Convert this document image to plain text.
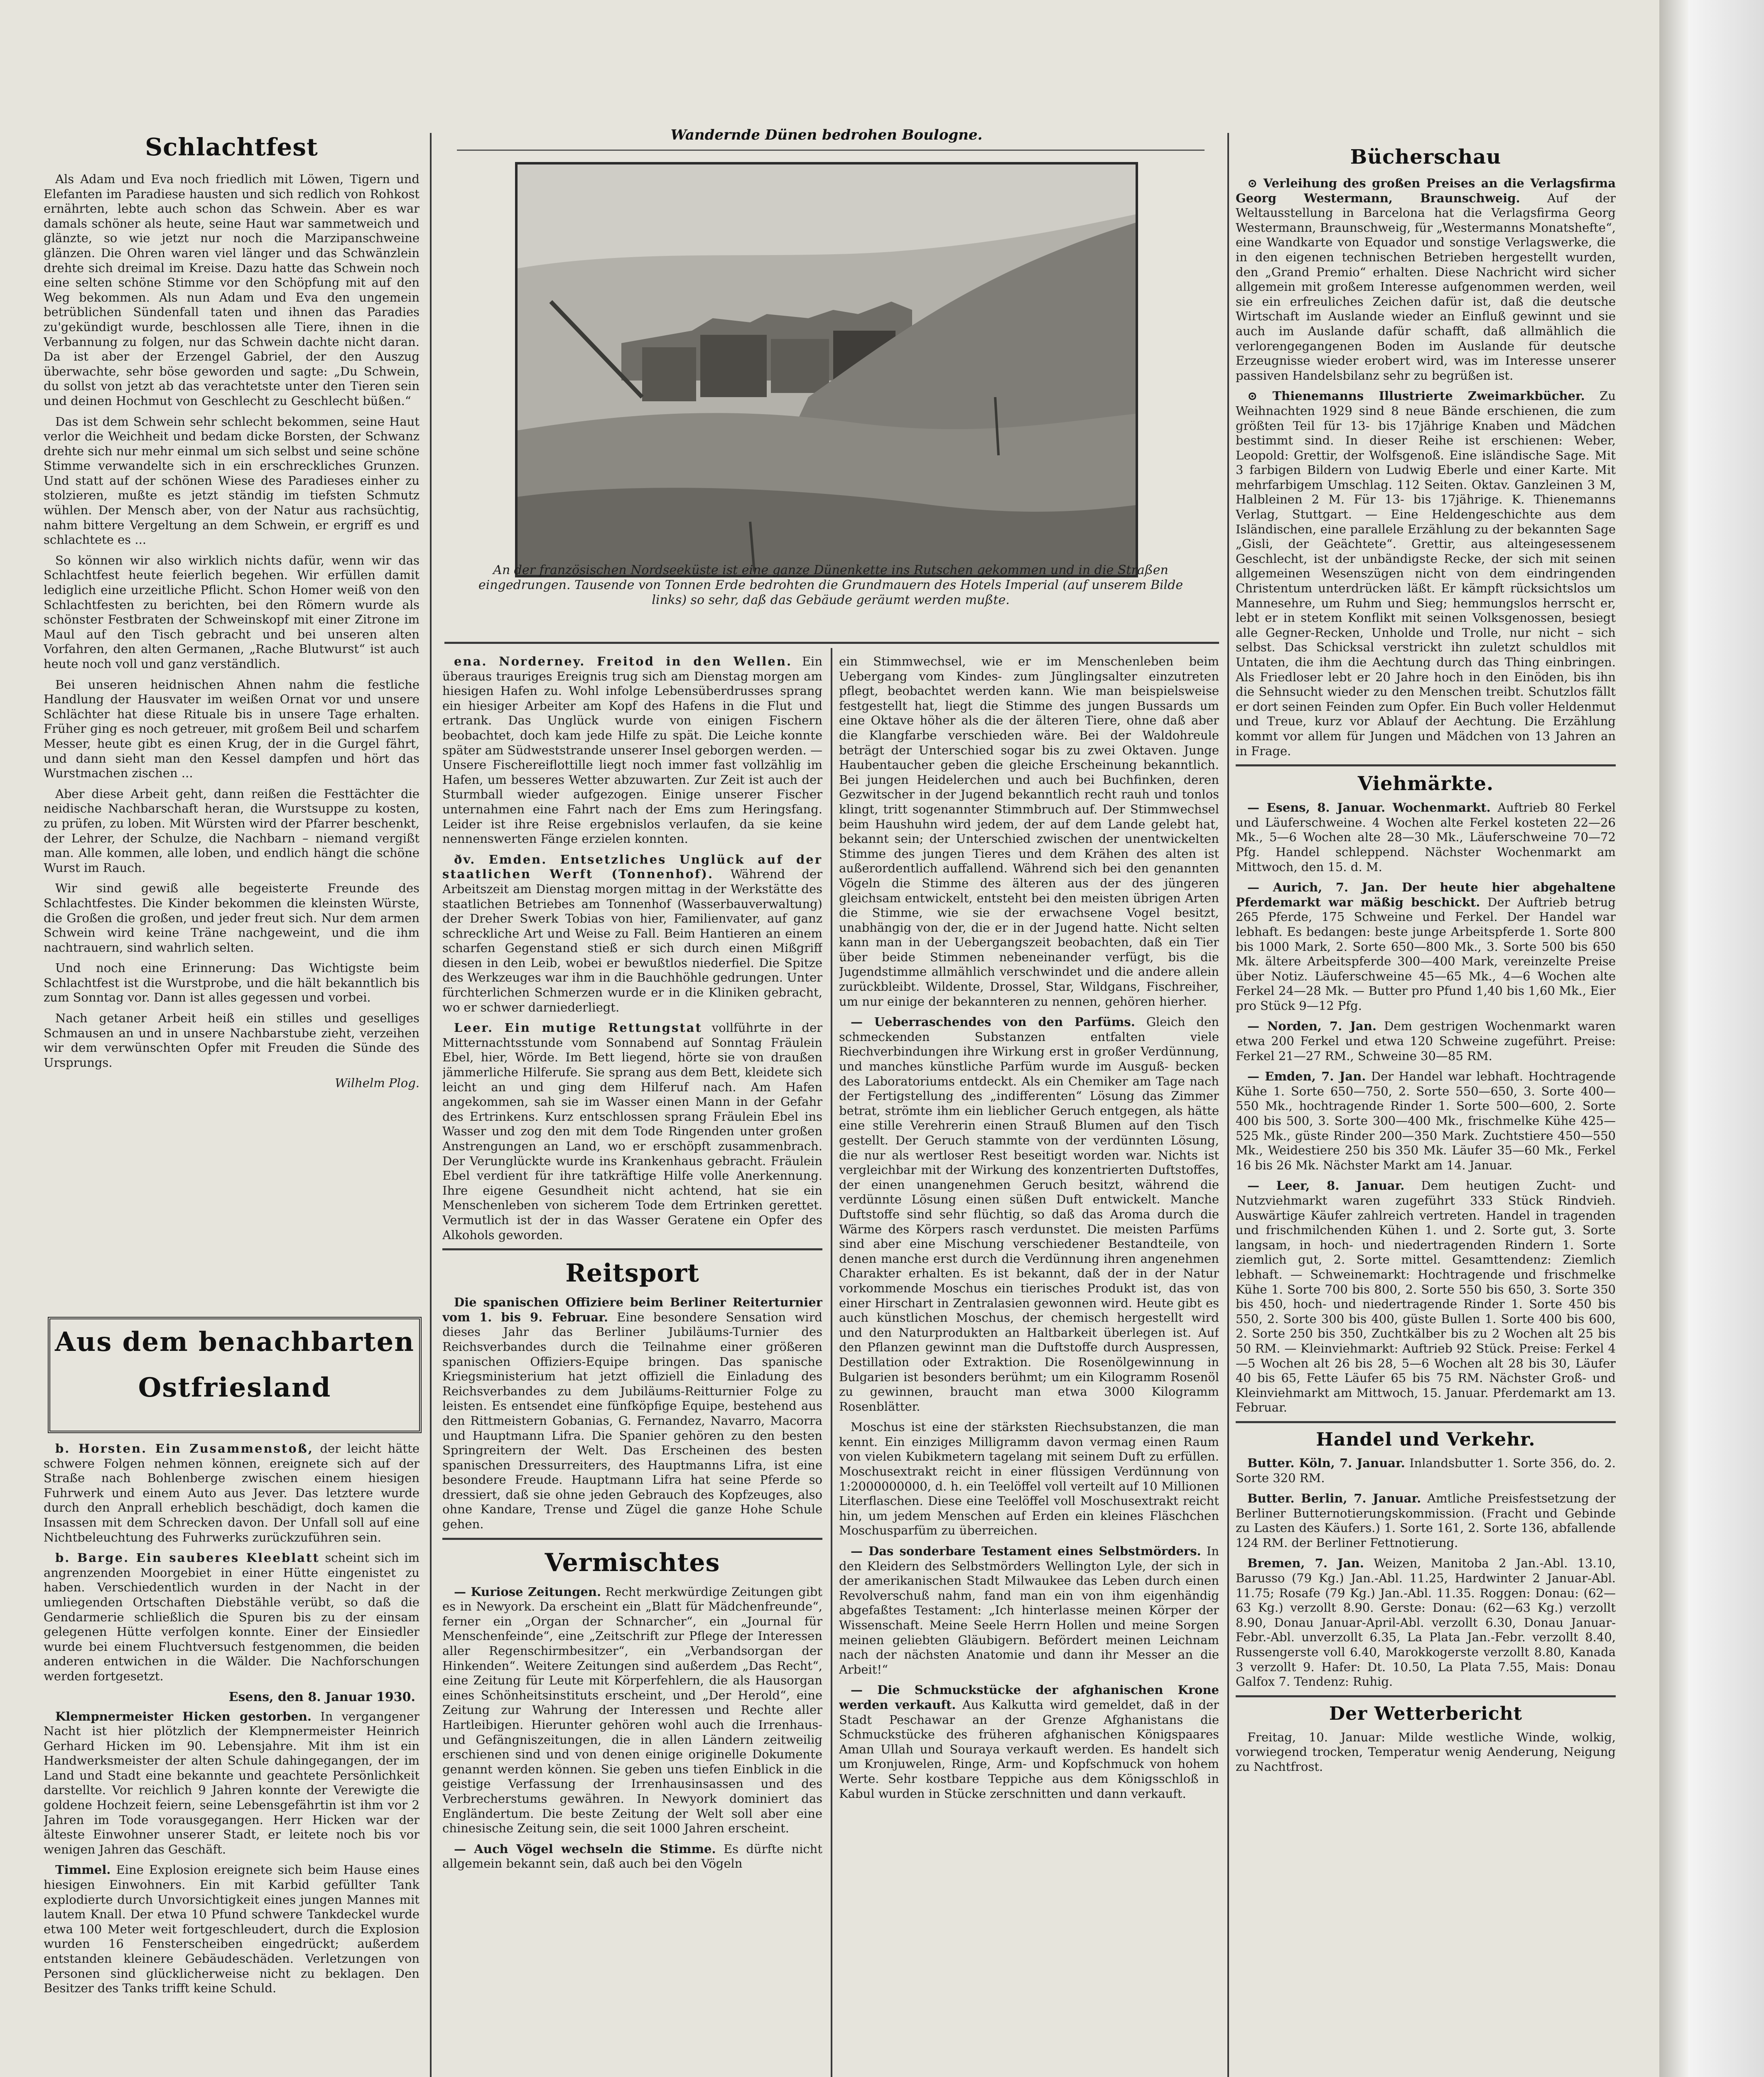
Wandernde Dünen bedrohen Boulogne.
An der französischen Nordseeküste ist eine ganze Dünenkette ins Rutschen gekommen und in die Straßen eingedrungen. Tausende von Tonnen Erde bedrohten die Grundmauern des Hotels Imperial (auf unserem Bilde links) so sehr, daß das Gebäude geräumt werden mußte.
Schlachtfest

Als Adam und Eva noch friedlich mit Löwen, Tigern und Elefanten im Paradiese hausten und sich redlich von Rohkost ernährten, lebte auch schon das Schwein. Aber es war damals schöner als heute, seine Haut war sammetweich und glänzte, so wie jetzt nur noch die Marzipanschweine glänzen. Die Ohren waren viel länger und das Schwänzlein drehte sich dreimal im Kreise. Dazu hatte das Schwein noch eine selten schöne Stimme vor den Schöpfung mit auf den Weg bekommen. Als nun Adam und Eva den ungemein betrüblichen Sündenfall taten und ihnen das Paradies zu'gekündigt wurde, beschlossen alle Tiere, ihnen in die Verbannung zu folgen, nur das Schwein dachte nicht daran. Da ist aber der Erzengel Gabriel, der den Auszug überwachte, sehr böse geworden und sagte: „Du Schwein, du sollst von jetzt ab das verachtetste unter den Tieren sein und deinen Hochmut von Geschlecht zu Geschlecht büßen.“

Das ist dem Schwein sehr schlecht bekommen, seine Haut verlor die Weichheit und bedam dicke Borsten, der Schwanz drehte sich nur mehr einmal um sich selbst und seine schöne Stimme verwandelte sich in ein erschreckliches Grunzen. Und statt auf der schönen Wiese des Paradieses einher zu stolzieren, mußte es jetzt ständig im tiefsten Schmutz wühlen. Der Mensch aber, von der Natur aus rachsüchtig, nahm bittere Vergeltung an dem Schwein, er ergriff es und schlachtete es ...

So können wir also wirklich nichts dafür, wenn wir das Schlachtfest heute feierlich begehen. Wir erfüllen damit lediglich eine urzeitliche Pflicht. Schon Homer weiß von den Schlachtfesten zu berichten, bei den Römern wurde als schönster Festbraten der Schweinskopf mit einer Zitrone im Maul auf den Tisch gebracht und bei unseren alten Vorfahren, den alten Germanen, „Rache Blutwurst“ ist auch heute noch voll und ganz verständlich.

Bei unseren heidnischen Ahnen nahm die festliche Handlung der Hausvater im weißen Ornat vor und unsere Schlächter hat diese Rituale bis in unsere Tage erhalten. Früher ging es noch getreuer, mit großem Beil und scharfem Messer, heute gibt es einen Krug, der in die Gurgel fährt, und dann sieht man den Kessel dampfen und hört das Wurstmachen zischen ...

Aber diese Arbeit geht, dann reißen die Festtächter die neidische Nachbarschaft heran, die Wurstsuppe zu kosten, zu prüfen, zu loben. Mit Würsten wird der Pfarrer beschenkt, der Lehrer, der Schulze, die Nachbarn – niemand vergißt man. Alle kommen, alle loben, und endlich hängt die schöne Wurst im Rauch.

Wir sind gewiß alle begeisterte Freunde des Schlachtfestes. Die Kinder bekommen die kleinsten Würste, die Großen die großen, und jeder freut sich. Nur dem armen Schwein wird keine Träne nachgeweint, und die ihm nachtrauern, sind wahrlich selten.

Und noch eine Erinnerung: Das Wichtigste beim Schlachtfest ist die Wurstprobe, und die hält bekanntlich bis zum Sonntag vor. Dann ist alles gegessen und vorbei.

Nach getaner Arbeit heiß ein stilles und geselliges Schmausen an und in unsere Nachbarstube zieht, verzeihen wir dem verwünschten Opfer mit Freuden die Sünde des Ursprungs.

Wilhelm Plog.

Aus dem benachbarten
Ostfriesland

b. Horsten. Ein Zusammenstoß, der leicht hätte schwere Folgen nehmen können, ereignete sich auf der Straße nach Bohlenberge zwischen einem hiesigen Fuhrwerk und einem Auto aus Jever. Das letztere wurde durch den Anprall erheblich beschädigt, doch kamen die Insassen mit dem Schrecken davon. Der Unfall soll auf eine Nichtbeleuchtung des Fuhrwerks zurückzuführen sein.

b. Barge. Ein sauberes Kleeblatt scheint sich im angrenzenden Moorgebiet in einer Hütte eingenistet zu haben. Verschiedentlich wurden in der Nacht in der umliegenden Ortschaften Diebstähle verübt, so daß die Gendarmerie schließlich die Spuren bis zu der einsam gelegenen Hütte verfolgen konnte. Einer der Einsiedler wurde bei einem Fluchtversuch festgenommen, die beiden anderen entwichen in die Wälder. Die Nachforschungen werden fortgesetzt.

Esens, den 8. Januar 1930.

Klempnermeister Hicken gestorben. In vergangener Nacht ist hier plötzlich der Klempnermeister Heinrich Gerhard Hicken im 90. Lebensjahre. Mit ihm ist ein Handwerksmeister der alten Schule dahingegangen, der im Land und Stadt eine bekannte und geachtete Persönlichkeit darstellte. Vor reichlich 9 Jahren konnte der Verewigte die goldene Hochzeit feiern, seine Lebensgefährtin ist ihm vor 2 Jahren im Tode vorausgegangen. Herr Hicken war der älteste Einwohner unserer Stadt, er leitete noch bis vor wenigen Jahren das Geschäft.

Timmel. Eine Explosion ereignete sich beim Hause eines hiesigen Einwohners. Ein mit Karbid gefüllter Tank explodierte durch Unvorsichtigkeit eines jungen Mannes mit lautem Knall. Der etwa 10 Pfund schwere Tankdeckel wurde etwa 100 Meter weit fortgeschleudert, durch die Explosion wurden 16 Fensterscheiben eingedrückt; außerdem entstanden kleinere Gebäudeschäden. Verletzungen von Personen sind glücklicherweise nicht zu beklagen. Den Besitzer des Tanks trifft keine Schuld.

ena. Norderney. Freitod in den Wellen. Ein überaus trauriges Ereignis trug sich am Dienstag morgen am hiesigen Hafen zu. Wohl infolge Lebensüberdrusses sprang ein hiesiger Arbeiter am Kopf des Hafens in die Flut und ertrank. Das Unglück wurde von einigen Fischern beobachtet, doch kam jede Hilfe zu spät. Die Leiche konnte später am Südweststrande unserer Insel geborgen werden. — Unsere Fischereiflottille liegt noch immer fast vollzählig im Hafen, um besseres Wetter abzuwarten. Zur Zeit ist auch der Sturmball wieder aufgezogen. Einige unserer Fischer unternahmen eine Fahrt nach der Ems zum Heringsfang. Leider ist ihre Reise ergebnislos verlaufen, da sie keine nennenswerten Fänge erzielen konnten.

ðv. Emden. Entsetzliches Unglück auf der staatlichen Werft (Tonnenhof). Während der Arbeitszeit am Dienstag morgen mittag in der Werkstätte des staatlichen Betriebes am Tonnenhof (Wasserbauverwaltung) der Dreher Swerk Tobias von hier, Familienvater, auf ganz schreckliche Art und Weise zu Fall. Beim Hantieren an einem scharfen Gegenstand stieß er sich durch einen Mißgriff diesen in den Leib, wobei er bewußtlos niederfiel. Die Spitze des Werkzeuges war ihm in die Bauchhöhle gedrungen. Unter fürchterlichen Schmerzen wurde er in die Kliniken gebracht, wo er schwer darniederliegt.

Leer. Ein mutige Rettungstat vollführte in der Mitternachtsstunde vom Sonnabend auf Sonntag Fräulein Ebel, hier, Wörde. Im Bett liegend, hörte sie von draußen jämmerliche Hilferufe. Sie sprang aus dem Bett, kleidete sich leicht an und ging dem Hilferuf nach. Am Hafen angekommen, sah sie im Wasser einen Mann in der Gefahr des Ertrinkens. Kurz entschlossen sprang Fräulein Ebel ins Wasser und zog den mit dem Tode Ringenden unter großen Anstrengungen an Land, wo er erschöpft zusammenbrach. Der Verunglückte wurde ins Krankenhaus gebracht. Fräulein Ebel verdient für ihre tatkräftige Hilfe volle Anerkennung. Ihre eigene Gesundheit nicht achtend, hat sie ein Menschenleben von sicherem Tode dem Ertrinken gerettet. Vermutlich ist der in das Wasser Geratene ein Opfer des Alkohols geworden.

Reitsport

Die spanischen Offiziere beim Berliner Reiterturnier vom 1. bis 9. Februar. Eine besondere Sensation wird dieses Jahr das Berliner Jubiläums-Turnier des Reichsverbandes durch die Teilnahme einer größeren spanischen Offiziers-Equipe bringen. Das spanische Kriegsministerium hat jetzt offiziell die Einladung des Reichsverbandes zu dem Jubiläums-Reitturnier Folge zu leisten. Es entsendet eine fünfköpfige Equipe, bestehend aus den Rittmeistern Gobanias, G. Fernandez, Navarro, Macorra und Hauptmann Lifra. Die Spanier gehören zu den besten Springreitern der Welt. Das Erscheinen des besten spanischen Dressurreiters, des Hauptmanns Lifra, ist eine besondere Freude. Hauptmann Lifra hat seine Pferde so dressiert, daß sie ohne jeden Gebrauch des Kopfzeuges, also ohne Kandare, Trense und Zügel die ganze Hohe Schule gehen.

Vermischtes

— Kuriose Zeitungen. Recht merkwürdige Zeitungen gibt es in Newyork. Da erscheint ein „Blatt für Mädchenfreunde“, ferner ein „Organ der Schnarcher“, ein „Journal für Menschenfeinde“, eine „Zeitschrift zur Pflege der Interessen aller Regenschirmbesitzer“, ein „Verbandsorgan der Hinkenden“. Weitere Zeitungen sind außerdem „Das Recht“, eine Zeitung für Leute mit Körperfehlern, die als Hausorgan eines Schönheitsinstituts erscheint, und „Der Herold“, eine Zeitung zur Wahrung der Interessen und Rechte aller Hartleibigen. Hierunter gehören wohl auch die Irrenhaus- und Gefängniszeitungen, die in allen Ländern zeitweilig erschienen sind und von denen einige originelle Dokumente genannt werden können. Sie geben uns tiefen Einblick in die geistige Verfassung der Irrenhausinsassen und des Verbrecherstums gewähren. In Newyork dominiert das Engländertum. Die beste Zeitung der Welt soll aber eine chinesische Zeitung sein, die seit 1000 Jahren erscheint.

— Auch Vögel wechseln die Stimme. Es dürfte nicht allgemein bekannt sein, daß auch bei den Vögeln

ein Stimmwechsel, wie er im Menschenleben beim Uebergang vom Kindes- zum Jünglingsalter einzutreten pflegt, beobachtet werden kann. Wie man beispielsweise festgestellt hat, liegt die Stimme des jungen Bussards um eine Oktave höher als die der älteren Tiere, ohne daß aber die Klangfarbe verschieden wäre. Bei der Waldohreule beträgt der Unterschied sogar bis zu zwei Oktaven. Junge Haubentaucher geben die gleiche Erscheinung bekanntlich. Bei jungen Heidelerchen und auch bei Buchfinken, deren Gezwitscher in der Jugend bekanntlich recht rauh und tonlos klingt, tritt sogenannter Stimmbruch auf. Der Stimmwechsel beim Haushuhn wird jedem, der auf dem Lande gelebt hat, bekannt sein; der Unterschied zwischen der unentwickelten Stimme des jungen Tieres und dem Krähen des alten ist außerordentlich auffallend. Während sich bei den genannten Vögeln die Stimme des älteren aus der des jüngeren gleichsam entwickelt, entsteht bei den meisten übrigen Arten die Stimme, wie sie der erwachsene Vogel besitzt, unabhängig von der, die er in der Jugend hatte. Nicht selten kann man in der Uebergangszeit beobachten, daß ein Tier über beide Stimmen nebeneinander verfügt, bis die Jugendstimme allmählich verschwindet und die andere allein zurückbleibt. Wildente, Drossel, Star, Wildgans, Fischreiher, um nur einige der bekannteren zu nennen, gehören hierher.

— Ueberraschendes von den Parfüms. Gleich den schmeckenden Substanzen entfalten viele Riechverbindungen ihre Wirkung erst in großer Verdünnung, und manches künstliche Parfüm wurde im Ausguß- becken des Laboratoriums entdeckt. Als ein Chemiker am Tage nach der Fertigstellung des „indifferenten“ Lösung das Zimmer betrat, strömte ihm ein lieblicher Geruch entgegen, als hätte eine stille Verehrerin einen Strauß Blumen auf den Tisch gestellt. Der Geruch stammte von der verdünnten Lösung, die nur als wertloser Rest beseitigt worden war. Nichts ist vergleichbar mit der Wirkung des konzentrierten Duftstoffes, der einen unangenehmen Geruch besitzt, während die verdünnte Lösung einen süßen Duft entwickelt. Manche Duftstoffe sind sehr flüchtig, so daß das Aroma durch die Wärme des Körpers rasch verdunstet. Die meisten Parfüms sind aber eine Mischung verschiedener Bestandteile, von denen manche erst durch die Verdünnung ihren angenehmen Charakter erhalten. Es ist bekannt, daß der in der Natur vorkommende Moschus ein tierisches Produkt ist, das von einer Hirschart in Zentralasien gewonnen wird. Heute gibt es auch künstlichen Moschus, der chemisch hergestellt wird und den Naturprodukten an Haltbarkeit überlegen ist. Auf den Pflanzen gewinnt man die Duftstoffe durch Auspressen, Destillation oder Extraktion. Die Rosenölgewinnung in Bulgarien ist besonders berühmt; um ein Kilogramm Rosenöl zu gewinnen, braucht man etwa 3000 Kilogramm Rosenblätter.

Moschus ist eine der stärksten Riechsubstanzen, die man kennt. Ein einziges Milligramm davon vermag einen Raum von vielen Kubikmetern tagelang mit seinem Duft zu erfüllen. Moschusextrakt reicht in einer flüssigen Verdünnung von 1:2000000000, d. h. ein Teelöffel voll verteilt auf 10 Millionen Literflaschen. Diese eine Teelöffel voll Moschusextrakt reicht hin, um jedem Menschen auf Erden ein kleines Fläschchen Moschusparfüm zu überreichen.

— Das sonderbare Testament eines Selbstmörders. In den Kleidern des Selbstmörders Wellington Lyle, der sich in der amerikanischen Stadt Milwaukee das Leben durch einen Revolverschuß nahm, fand man ein von ihm eigenhändig abgefaßtes Testament: „Ich hinterlasse meinen Körper der Wissenschaft. Meine Seele Herrn Hollen und meine Sorgen meinen geliebten Gläubigern. Befördert meinen Leichnam nach der nächsten Anatomie und dann ihr Messer an die Arbeit!“

— Die Schmuckstücke der afghanischen Krone werden verkauft. Aus Kalkutta wird gemeldet, daß in der Stadt Peschawar an der Grenze Afghanistans die Schmuckstücke des früheren afghanischen Königspaares Aman Ullah und Souraya verkauft werden. Es handelt sich um Kronjuwelen, Ringe, Arm- und Kopfschmuck von hohem Werte. Sehr kostbare Teppiche aus dem Königsschloß in Kabul wurden in Stücke zerschnitten und dann verkauft.

Bücherschau

⊙ Verleihung des großen Preises an die Verlagsfirma Georg Westermann, Braunschweig. Auf der Weltausstellung in Barcelona hat die Verlagsfirma Georg Westermann, Braunschweig, für „Westermanns Monatshefte“, eine Wandkarte von Equador und sonstige Verlagswerke, die in den eigenen technischen Betrieben hergestellt wurden, den „Grand Premio“ erhalten. Diese Nachricht wird sicher allgemein mit großem Interesse aufgenommen werden, weil sie ein erfreuliches Zeichen dafür ist, daß die deutsche Wirtschaft im Auslande wieder an Einfluß gewinnt und sie auch im Auslande dafür schafft, daß allmählich die verlorengegangenen Boden im Auslande für deutsche Erzeugnisse wieder erobert wird, was im Interesse unserer passiven Handelsbilanz sehr zu begrüßen ist.

⊙ Thienemanns Illustrierte Zweimarkbücher. Zu Weihnachten 1929 sind 8 neue Bände erschienen, die zum größten Teil für 13- bis 17jährige Knaben und Mädchen bestimmt sind. In dieser Reihe ist erschienen: Weber, Leopold: Grettir, der Wolfsgenoß. Eine isländische Sage. Mit 3 farbigen Bildern von Ludwig Eberle und einer Karte. Mit mehrfarbigem Umschlag. 112 Seiten. Oktav. Ganzleinen 3 M, Halbleinen 2 M. Für 13- bis 17jährige. K. Thienemanns Verlag, Stuttgart. — Eine Heldengeschichte aus dem Isländischen, eine parallele Erzählung zu der bekannten Sage „Gisli, der Geächtete“. Grettir, aus alteingesessenem Geschlecht, ist der unbändigste Recke, der sich mit seinen allgemeinen Wesenszügen nicht von dem eindringenden Christentum unterdrücken läßt. Er kämpft rücksichtslos um Mannesehre, um Ruhm und Sieg; hemmungslos herrscht er, lebt er in stetem Konflikt mit seinen Volksgenossen, besiegt alle Gegner-Recken, Unholde und Trolle, nur nicht – sich selbst. Das Schicksal verstrickt ihn zuletzt schuldlos mit Untaten, die ihm die Aechtung durch das Thing einbringen. Als Friedloser lebt er 20 Jahre hoch in den Einöden, bis ihn die Sehnsucht wieder zu den Menschen treibt. Schutzlos fällt er dort seinen Feinden zum Opfer. Ein Buch voller Heldenmut und Treue, kurz vor Ablauf der Aechtung. Die Erzählung kommt vor allem für Jungen und Mädchen von 13 Jahren an in Frage.

Viehmärkte.

— Esens, 8. Januar. Wochenmarkt. Auftrieb 80 Ferkel und Läuferschweine. 4 Wochen alte Ferkel kosteten 22—26 Mk., 5—6 Wochen alte 28—30 Mk., Läuferschweine 70—72 Pfg. Handel schleppend. Nächster Wochenmarkt am Mittwoch, den 15. d. M.

— Aurich, 7. Jan. Der heute hier abgehaltene Pferdemarkt war mäßig beschickt. Der Auftrieb betrug 265 Pferde, 175 Schweine und Ferkel. Der Handel war lebhaft. Es bedangen: beste junge Arbeitspferde 1. Sorte 800 bis 1000 Mark, 2. Sorte 650—800 Mk., 3. Sorte 500 bis 650 Mk. ältere Arbeitspferde 300—400 Mark, vereinzelte Preise über Notiz. Läuferschweine 45—65 Mk., 4—6 Wochen alte Ferkel 24—28 Mk. — Butter pro Pfund 1,40 bis 1,60 Mk., Eier pro Stück 9—12 Pfg.

— Norden, 7. Jan. Dem gestrigen Wochenmarkt waren etwa 200 Ferkel und etwa 120 Schweine zugeführt. Preise: Ferkel 21—27 RM., Schweine 30—85 RM.

— Emden, 7. Jan. Der Handel war lebhaft. Hochtragende Kühe 1. Sorte 650—750, 2. Sorte 550—650, 3. Sorte 400—550 Mk., hochtragende Rinder 1. Sorte 500—600, 2. Sorte 400 bis 500, 3. Sorte 300—400 Mk., frischmelke Kühe 425—525 Mk., güste Rinder 200—350 Mark. Zuchtstiere 450—550 Mk., Weidestiere 250 bis 350 Mk. Läufer 35—60 Mk., Ferkel 16 bis 26 Mk. Nächster Markt am 14. Januar.

— Leer, 8. Januar. Dem heutigen Zucht- und Nutzviehmarkt waren zugeführt 333 Stück Rindvieh. Auswärtige Käufer zahlreich vertreten. Handel in tragenden und frischmilchenden Kühen 1. und 2. Sorte gut, 3. Sorte langsam, in hoch- und niedertragenden Rindern 1. Sorte ziemlich gut, 2. Sorte mittel. Gesamttendenz: Ziemlich lebhaft. — Schweinemarkt: Hochtragende und frischmelke Kühe 1. Sorte 700 bis 800, 2. Sorte 550 bis 650, 3. Sorte 350 bis 450, hoch- und niedertragende Rinder 1. Sorte 450 bis 550, 2. Sorte 300 bis 400, güste Bullen 1. Sorte 400 bis 600, 2. Sorte 250 bis 350, Zuchtkälber bis zu 2 Wochen alt 25 bis 50 RM. — Kleinviehmarkt: Auftrieb 92 Stück. Preise: Ferkel 4—5 Wochen alt 26 bis 28, 5—6 Wochen alt 28 bis 30, Läufer 40 bis 65, Fette Läufer 65 bis 75 RM. Nächster Groß- und Kleinviehmarkt am Mittwoch, 15. Januar. Pferdemarkt am 13. Februar.

Handel und Verkehr.

Butter. Köln, 7. Januar. Inlandsbutter 1. Sorte 356, do. 2. Sorte 320 RM.

Butter. Berlin, 7. Januar. Amtliche Preisfestsetzung der Berliner Butternotierungskommission. (Fracht und Gebinde zu Lasten des Käufers.) 1. Sorte 161, 2. Sorte 136, abfallende 124 RM. der Berliner Fettnotierung.

Bremen, 7. Jan. Weizen, Manitoba 2 Jan.-Abl. 13.10, Barusso (79 Kg.) Jan.-Abl. 11.25, Hardwinter 2 Januar-Abl. 11.75; Rosafe (79 Kg.) Jan.-Abl. 11.35. Roggen: Donau: (62—63 Kg.) verzollt 8.90. Gerste: Donau: (62—63 Kg.) verzollt 8.90, Donau Januar-April-Abl. verzollt 6.30, Donau Januar-Febr.-Abl. unverzollt 6.35, La Plata Jan.-Febr. verzollt 8.40, Russengerste voll 6.40, Marokkogerste verzollt 8.80, Kanada 3 verzollt 9. Hafer: Dt. 10.50, La Plata 7.55, Mais: Donau Galfox 7. Tendenz: Ruhig.

Der Wetterbericht

Freitag, 10. Januar: Milde westliche Winde, wolkig, vorwiegend trocken, Temperatur wenig Aenderung, Neigung zu Nachtfrost.
